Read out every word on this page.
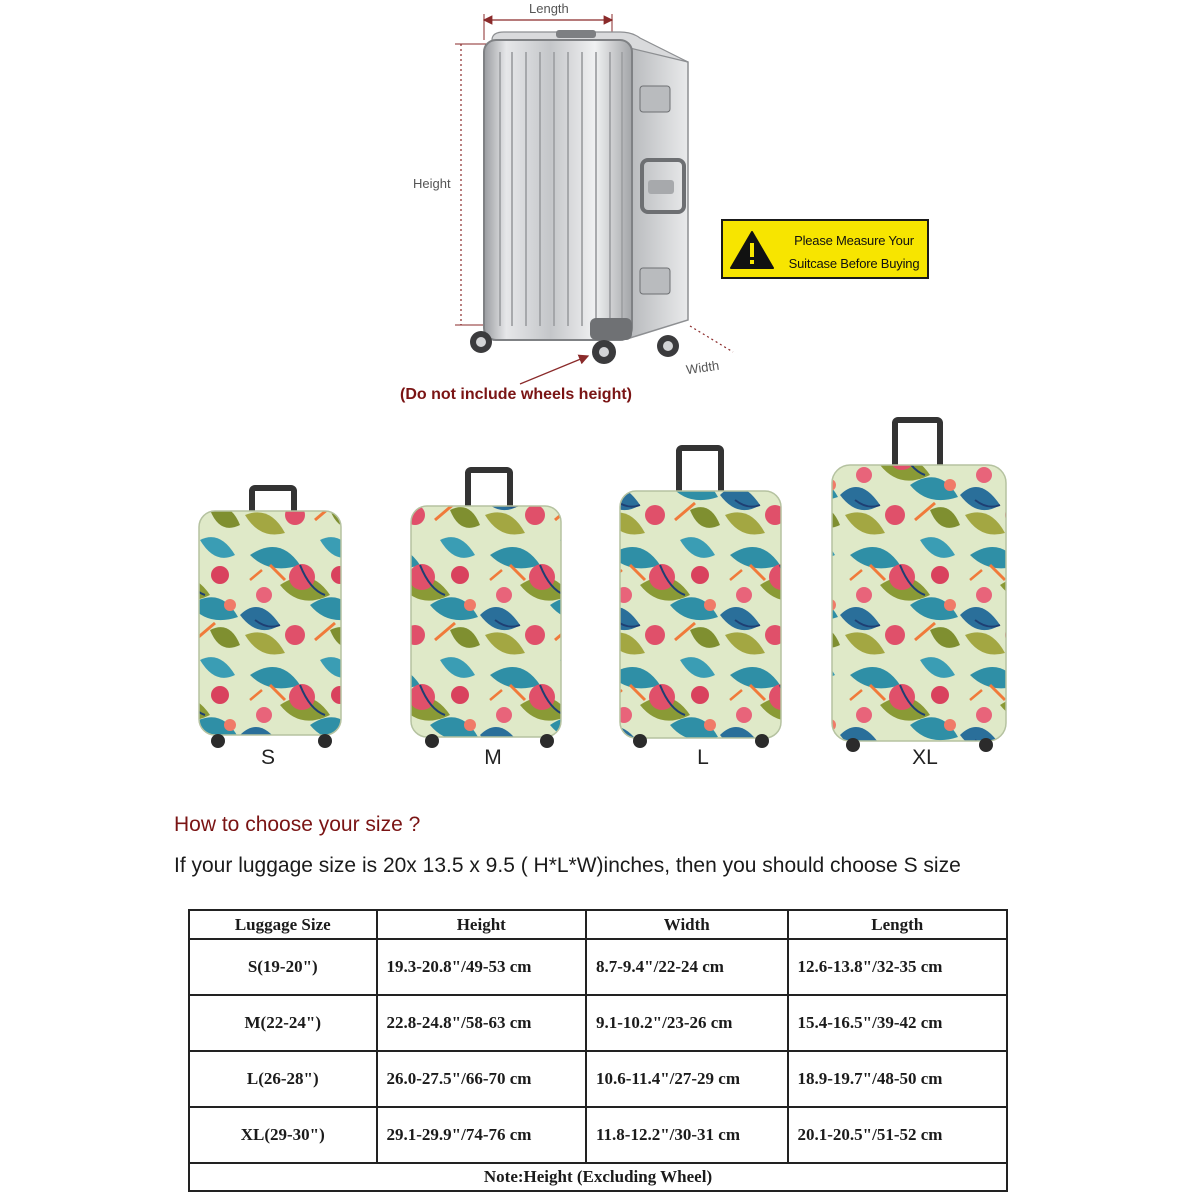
Length
Height
Width
(Do not include wheels height)
Please Measure Your
Suitcase Before Buying
S	M	L	XL
How to choose your size ?
If your luggage size is 20x 13.5 x 9.5 ( H*L*W)inches, then you should choose S size
Luggage Size	Height	Width	Length
S(19-20")	19.3-20.8"/49-53 cm	8.7-9.4"/22-24 cm	12.6-13.8"/32-35 cm
M(22-24")	22.8-24.8"/58-63 cm	9.1-10.2"/23-26 cm	15.4-16.5"/39-42 cm
L(26-28")	26.0-27.5"/66-70 cm	10.6-11.4"/27-29 cm	18.9-19.7"/48-50 cm
XL(29-30")	29.1-29.9"/74-76 cm	11.8-12.2"/30-31 cm	20.1-20.5"/51-52 cm
Note:Height (Excluding Wheel)			
